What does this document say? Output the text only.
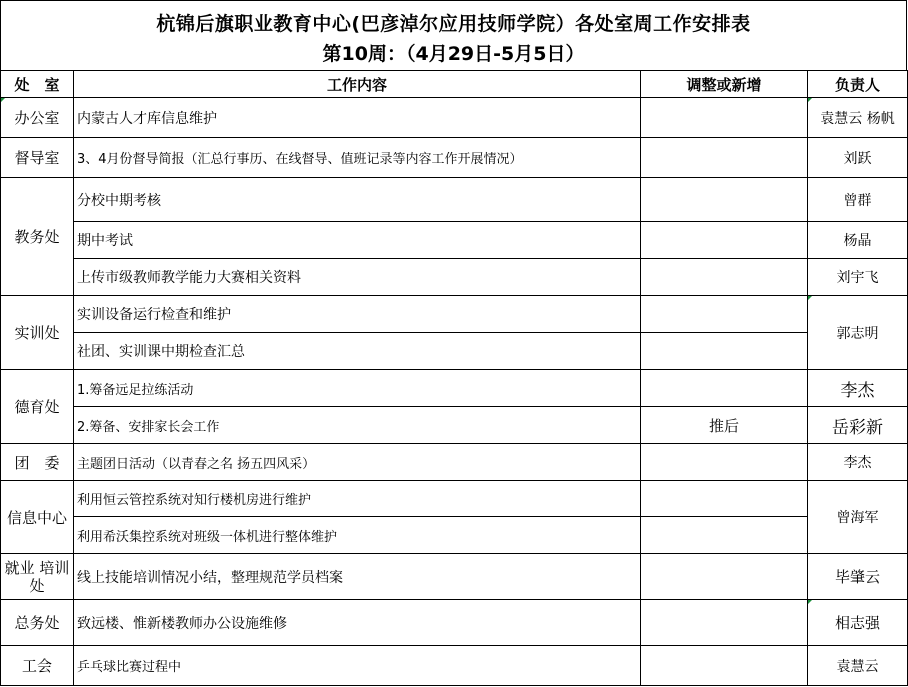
杭锦后旗职业教育中心(巴彦淖尔应用技师学院）各处室周工作安排表
第10周：（4月29日-5月5日）
处　室	工作内容	调整或新增	负责人
办公室	内蒙古人才库信息维护		袁慧云 杨帆
督导室	3、4月份督导简报（汇总行事历、在线督导、值班记录等内容工作开展情况）		刘跃
教务处	分校中期考核		曾群
	期中考试		杨晶
	上传市级教师教学能力大赛相关资料		刘宇飞
实训处	实训设备运行检查和维护		郭志明
	社团、实训课中期检查汇总		
德育处	1.筹备远足拉练活动		李杰
	2.筹备、安排家长会工作	推后	岳彩新
团　委	主题团日活动（以青春之名 扬五四风采）		李杰
信息中心	利用恒云管控系统对知行楼机房进行维护		曾海军
	利用希沃集控系统对班级一体机进行整体维护		
就业 培训处	线上技能培训情况小结，整理规范学员档案		毕肇云
总务处	致远楼、惟新楼教师办公设施维修		相志强
工会	乒乓球比赛过程中		袁慧云
